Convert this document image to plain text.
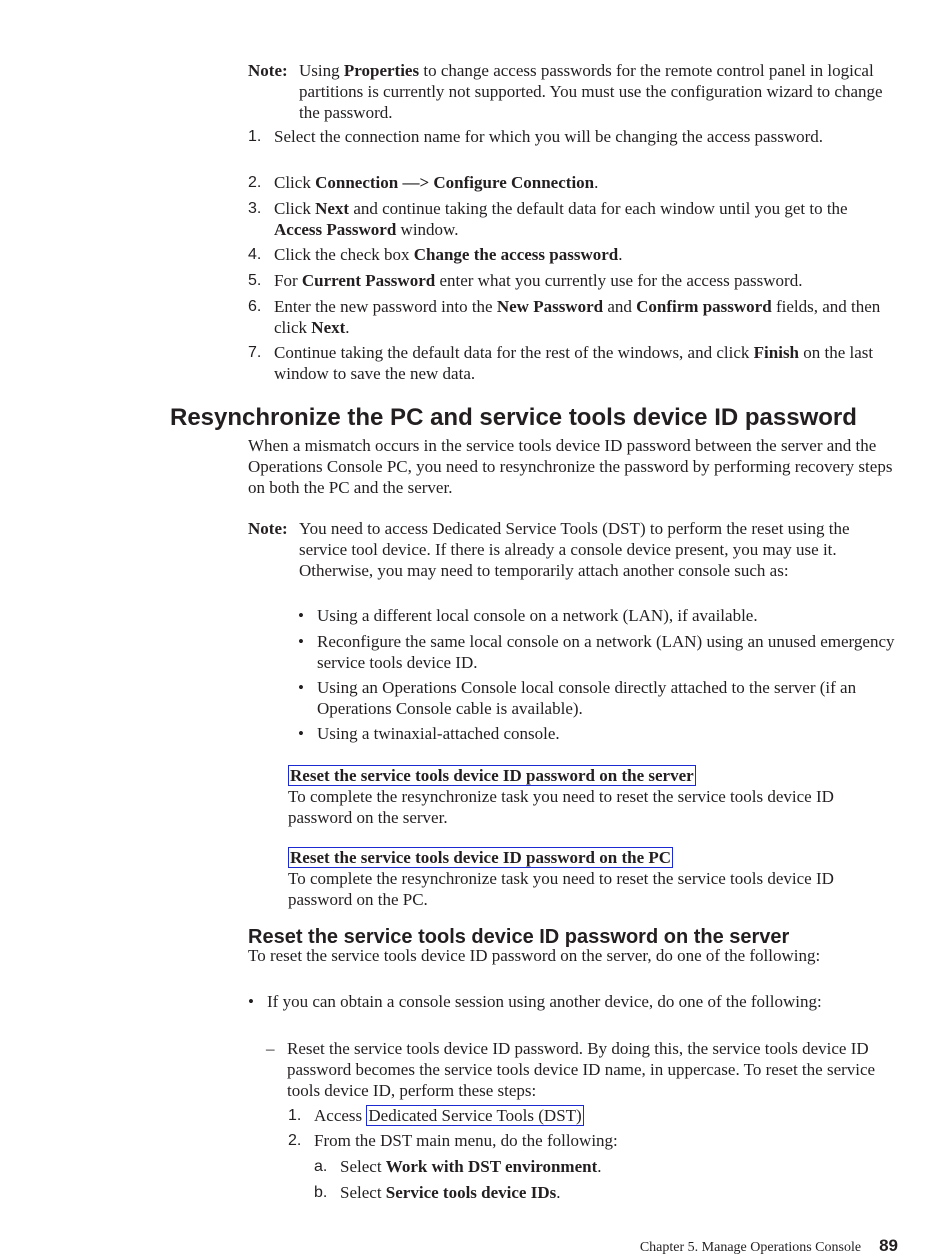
Note: Using Properties to change access passwords for the remote control panel in logical partitions is currently not supported. You must use the configuration wizard to change the password.
1. Select the connection name for which you will be changing the access password.
2. Click Connection —> Configure Connection.
3. Click Next and continue taking the default data for each window until you get to the Access Password window.
4. Click the check box Change the access password.
5. For Current Password enter what you currently use for the access password.
6. Enter the new password into the New Password and Confirm password fields, and then click Next.
7. Continue taking the default data for the rest of the windows, and click Finish on the last window to save the new data.
Resynchronize the PC and service tools device ID password
When a mismatch occurs in the service tools device ID password between the server and the Operations Console PC, you need to resynchronize the password by performing recovery steps on both the PC and the server.
Note: You need to access Dedicated Service Tools (DST) to perform the reset using the service tool device. If there is already a console device present, you may use it. Otherwise, you may need to temporarily attach another console such as:
• Using a different local console on a network (LAN), if available.
• Reconfigure the same local console on a network (LAN) using an unused emergency service tools device ID.
• Using an Operations Console local console directly attached to the server (if an Operations Console cable is available).
• Using a twinaxial-attached console.
Reset the service tools device ID password on the server
To complete the resynchronize task you need to reset the service tools device ID password on the server.
Reset the service tools device ID password on the PC
To complete the resynchronize task you need to reset the service tools device ID password on the PC.
Reset the service tools device ID password on the server
To reset the service tools device ID password on the server, do one of the following:
• If you can obtain a console session using another device, do one of the following:
– Reset the service tools device ID password. By doing this, the service tools device ID password becomes the service tools device ID name, in uppercase. To reset the service tools device ID, perform these steps:
1. Access Dedicated Service Tools (DST)
2. From the DST main menu, do the following:
a. Select Work with DST environment.
b. Select Service tools device IDs.
Chapter 5. Manage Operations Console 89
